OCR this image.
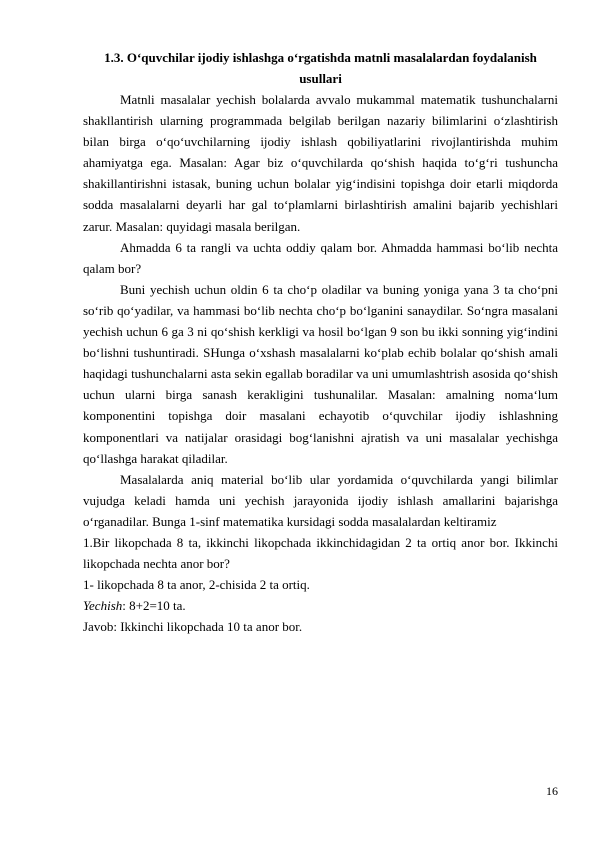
1.3. O‘quvchilar ijodiy ishlashga o‘rgatishda matnli masalalardan foydalanish usullari

Matnli masalalar yechish bolalarda avvalo mukammal matematik tushunchalarni shakllantirish ularning programmada belgilab berilgan nazariy bilimlarini o‘zlashtirish bilan birga o‘qo‘uvchilarning ijodiy ishlash qobiliyatlarini rivojlantirishda muhim ahamiyatga ega. Masalan: Agar biz o‘quvchilarda qo‘shish haqida to‘g‘ri tushuncha shakillantirishni istasak, buning uchun bolalar yig‘indisini topishga doir etarli miqdorda sodda masalalarni deyarli har gal to‘plamlarni birlashtirish amalini bajarib yechishlari zarur. Masalan: quyidagi masala berilgan.

Ahmadda 6 ta rangli va uchta oddiy qalam bor. Ahmadda hammasi bo‘lib nechta qalam bor?

Buni yechish uchun oldin 6 ta cho‘p oladilar va buning yoniga yana 3 ta cho‘pni so‘rib qo‘yadilar, va hammasi bo‘lib nechta cho‘p bo‘lganini sanaydilar. So‘ngra masalani yechish uchun 6 ga 3 ni qo‘shish kerkligi va hosil bo‘lgan 9 son bu ikki sonning yig‘indini bo‘lishni tushuntiradi. SHunga o‘xshash masalalarni ko‘plab echib bolalar qo‘shish amali haqidagi tushunchalarni asta sekin egallab boradilar va uni umumlashtrish asosida qo‘shish uchun ularni birga sanash kerakligini tushunalilar. Masalan: amalning noma‘lum komponentini topishga doir masalani echayotib o‘quvchilar ijodiy ishlashning komponentlari va natijalar orasidagi bog‘lanishni ajratish va uni masalalar yechishga qo‘llashga harakat qiladilar.

Masalalarda aniq material bo‘lib ular yordamida o‘quvchilarda yangi bilimlar vujudga keladi hamda uni yechish jarayonida ijodiy ishlash amallarini bajarishga o‘rganadilar. Bunga 1-sinf matematika kursidagi sodda masalalardan keltiramiz

1.Bir likopchada 8 ta, ikkinchi likopchada ikkinchidagidan 2 ta ortiq anor bor. Ikkinchi likopchada nechta anor bor?

1- likopchada 8 ta anor, 2-chisida 2 ta ortiq.

Yechish: 8+2=10 ta.

Javob: Ikkinchi likopchada 10 ta anor bor.

16
